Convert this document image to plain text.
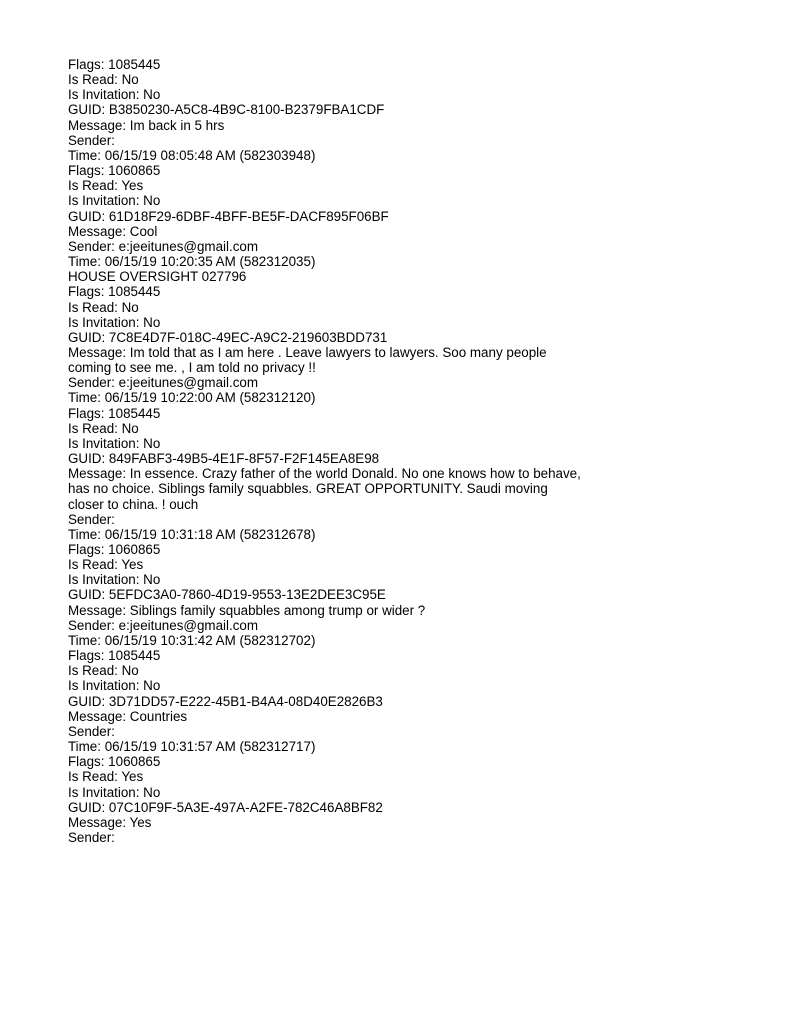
Flags: 1085445
Is Read: No
Is Invitation: No
GUID: B3850230-A5C8-4B9C-8100-B2379FBA1CDF
Message: Im back in 5 hrs
Sender:
Time: 06/15/19 08:05:48 AM (582303948)
Flags: 1060865
Is Read: Yes
Is Invitation: No
GUID: 61D18F29-6DBF-4BFF-BE5F-DACF895F06BF
Message: Cool
Sender: e:jeeitunes@gmail.com
Time: 06/15/19 10:20:35 AM (582312035)
HOUSE OVERSIGHT 027796
Flags: 1085445
Is Read: No
Is Invitation: No
GUID: 7C8E4D7F-018C-49EC-A9C2-219603BDD731
Message: Im told that as I am here . Leave lawyers to lawyers. Soo many people
coming to see me. , I am told no privacy !!
Sender: e:jeeitunes@gmail.com
Time: 06/15/19 10:22:00 AM (582312120)
Flags: 1085445
Is Read: No
Is Invitation: No
GUID: 849FABF3-49B5-4E1F-8F57-F2F145EA8E98
Message: In essence. Crazy father of the world Donald. No one knows how to behave,
has no choice. Siblings family squabbles. GREAT OPPORTUNITY. Saudi moving
closer to china. ! ouch
Sender:
Time: 06/15/19 10:31:18 AM (582312678)
Flags: 1060865
Is Read: Yes
Is Invitation: No
GUID: 5EFDC3A0-7860-4D19-9553-13E2DEE3C95E
Message: Siblings family squabbles among trump or wider ?
Sender: e:jeeitunes@gmail.com
Time: 06/15/19 10:31:42 AM (582312702)
Flags: 1085445
Is Read: No
Is Invitation: No
GUID: 3D71DD57-E222-45B1-B4A4-08D40E2826B3
Message: Countries
Sender:
Time: 06/15/19 10:31:57 AM (582312717)
Flags: 1060865
Is Read: Yes
Is Invitation: No
GUID: 07C10F9F-5A3E-497A-A2FE-782C46A8BF82
Message: Yes
Sender:
